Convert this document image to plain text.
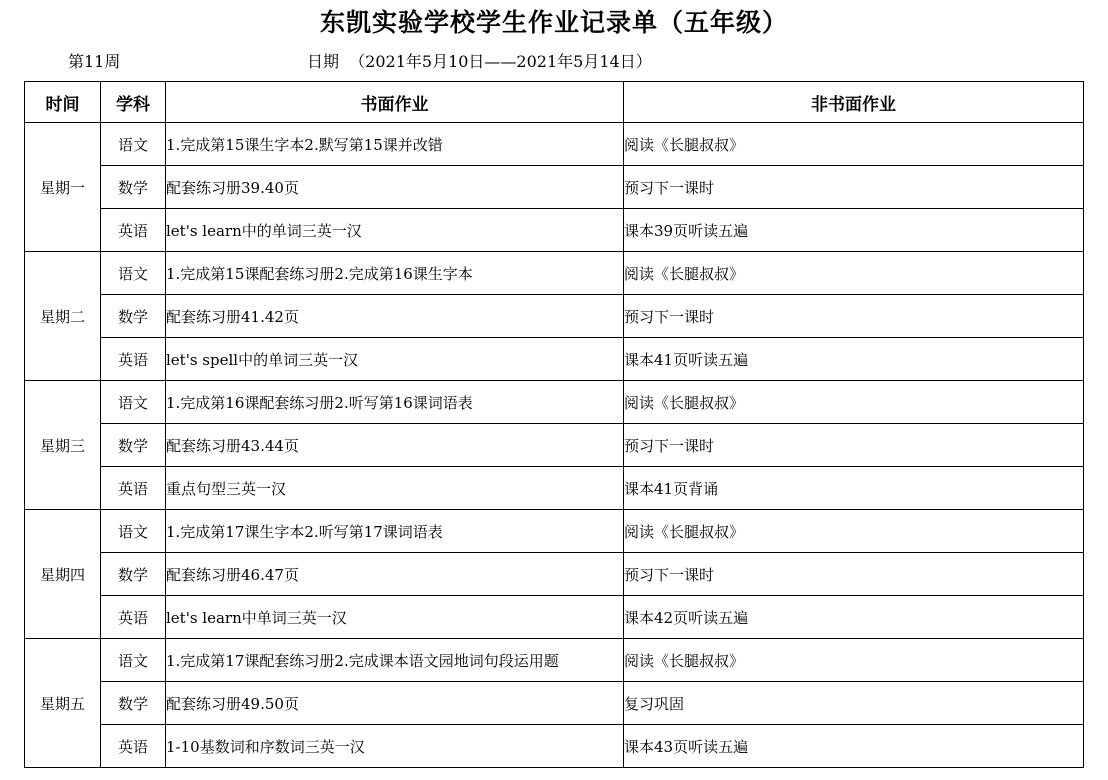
东凯实验学校学生作业记录单（五年级）
第11周	日期  （2021年5月10日——2021年5月14日）
时间	学科	书面作业	非书面作业
星期一	语文	1.完成第15课生字本2.默写第15课并改错	阅读《长腿叔叔》
	数学	配套练习册39.40页	预习下一课时
	英语	let's learn中的单词三英一汉	课本39页听读五遍
星期二	语文	1.完成第15课配套练习册2.完成第16课生字本	阅读《长腿叔叔》
	数学	配套练习册41.42页	预习下一课时
	英语	let's spell中的单词三英一汉	课本41页听读五遍
星期三	语文	1.完成第16课配套练习册2.听写第16课词语表	阅读《长腿叔叔》
	数学	配套练习册43.44页	预习下一课时
	英语	重点句型三英一汉	课本41页背诵
星期四	语文	1.完成第17课生字本2.听写第17课词语表	阅读《长腿叔叔》
	数学	配套练习册46.47页	预习下一课时
	英语	let's learn中单词三英一汉	课本42页听读五遍
星期五	语文	1.完成第17课配套练习册2.完成课本语文园地词句段运用题	阅读《长腿叔叔》
	数学	配套练习册49.50页	复习巩固
	英语	1-10基数词和序数词三英一汉	课本43页听读五遍
